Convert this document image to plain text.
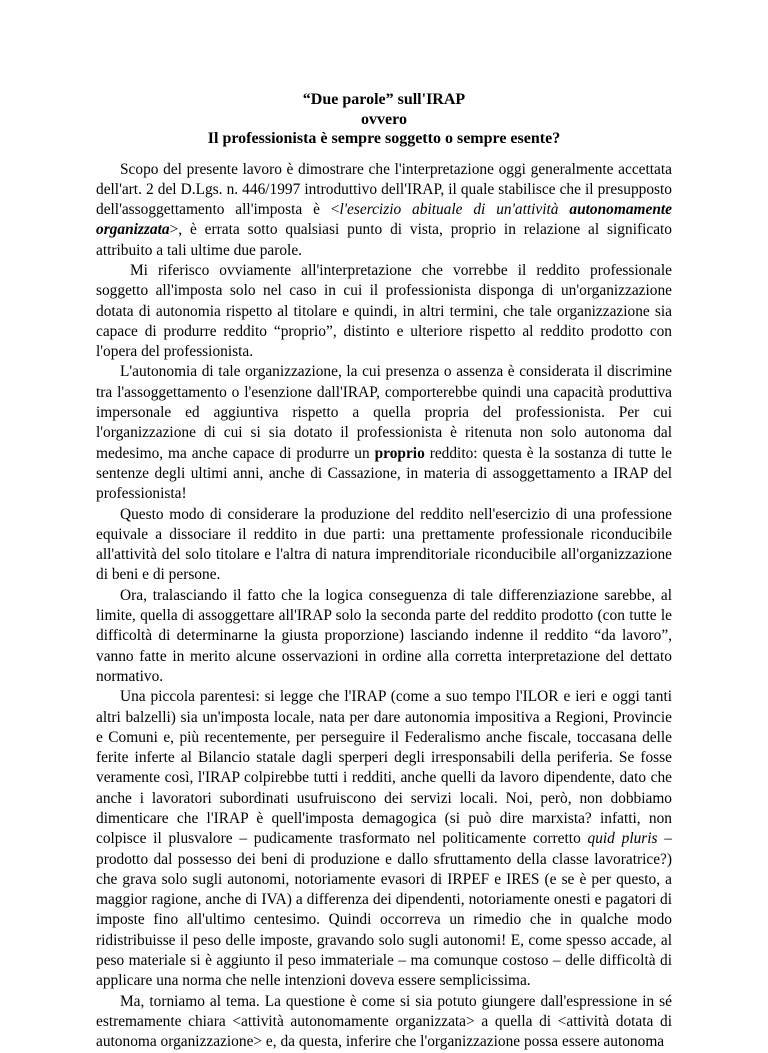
“Due parole” sull'IRAP
ovvero
Il professionista è sempre soggetto o sempre esente?

Scopo del presente lavoro è dimostrare che l'interpretazione oggi generalmente accettata dell'art. 2 del D.Lgs. n. 446/1997 introduttivo dell'IRAP, il quale stabilisce che il presupposto dell'assoggettamento all'imposta è <l'esercizio abituale di un'attività autonomamente organizzata>, è errata sotto qualsiasi punto di vista, proprio in relazione al significato attribuito a tali ultime due parole.

Mi riferisco ovviamente all'interpretazione che vorrebbe il reddito professionale soggetto all'imposta solo nel caso in cui il professionista disponga di un'organizzazione dotata di autonomia rispetto al titolare e quindi, in altri termini, che tale organizzazione sia capace di produrre reddito “proprio”, distinto e ulteriore rispetto al reddito prodotto con l'opera del professionista.

L'autonomia di tale organizzazione, la cui presenza o assenza è considerata il discrimine tra l'assoggettamento o l'esenzione dall'IRAP, comporterebbe quindi una capacità produttiva impersonale ed aggiuntiva rispetto a quella propria del professionista. Per cui l'organizzazione di cui si sia dotato il professionista è ritenuta non solo autonoma dal medesimo, ma anche capace di produrre un proprio reddito: questa è la sostanza di tutte le sentenze degli ultimi anni, anche di Cassazione, in materia di assoggettamento a IRAP del professionista!

Questo modo di considerare la produzione del reddito nell'esercizio di una professione equivale a dissociare il reddito in due parti: una prettamente professionale riconducibile all'attività del solo titolare e l'altra di natura imprenditoriale riconducibile all'organizzazione di beni e di persone.

Ora, tralasciando il fatto che la logica conseguenza di tale differenziazione sarebbe, al limite, quella di assoggettare all'IRAP solo la seconda parte del reddito prodotto (con tutte le difficoltà di determinarne la giusta proporzione) lasciando indenne il reddito “da lavoro”, vanno fatte in merito alcune osservazioni in ordine alla corretta interpretazione del dettato normativo.

Una piccola parentesi: si legge che l'IRAP (come a suo tempo l'ILOR e ieri e oggi tanti altri balzelli) sia un'imposta locale, nata per dare autonomia impositiva a Regioni, Provincie e Comuni e, più recentemente, per perseguire il Federalismo anche fiscale, toccasana delle ferite inferte al Bilancio statale dagli sperperi degli irresponsabili della periferia. Se fosse veramente così, l'IRAP colpirebbe tutti i redditi, anche quelli da lavoro dipendente, dato che anche i lavoratori subordinati usufruiscono dei servizi locali. Noi, però, non dobbiamo dimenticare che l'IRAP è quell'imposta demagogica (si può dire marxista? infatti, non colpisce il plusvalore – pudicamente trasformato nel politicamente corretto quid pluris – prodotto dal possesso dei beni di produzione e dallo sfruttamento della classe lavoratrice?) che grava solo sugli autonomi, notoriamente evasori di IRPEF e IRES (e se è per questo, a maggior ragione, anche di IVA) a differenza dei dipendenti, notoriamente onesti e pagatori di imposte fino all'ultimo centesimo. Quindi occorreva un rimedio che in qualche modo ridistribuisse il peso delle imposte, gravando solo sugli autonomi! E, come spesso accade, al peso materiale si è aggiunto il peso immateriale – ma comunque costoso – delle difficoltà di applicare una norma che nelle intenzioni doveva essere semplicissima.

Ma, torniamo al tema. La questione è come si sia potuto giungere dall'espressione in sé estremamente chiara <attività autonomamente organizzata> a quella di <attività dotata di autonoma organizzazione> e, da questa, inferire che l'organizzazione possa essere autonoma
